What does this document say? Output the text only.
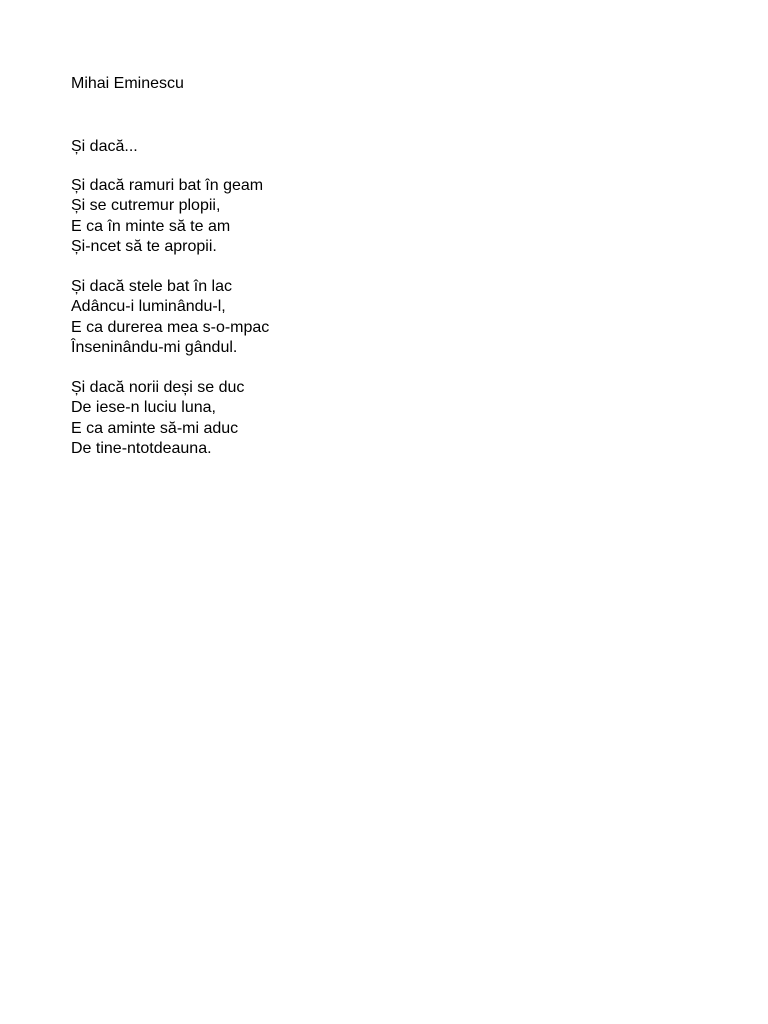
Mihai Eminescu

Și dacă...

Și dacă ramuri bat în geam
Și se cutremur plopii,
E ca în minte să te am
Și-ncet să te apropii.
Și dacă stele bat în lac
Adâncu-i luminându-l,
E ca durerea mea s-o-mpac
Înseninându-mi gândul.
Și dacă norii deși se duc
De iese-n luciu luna,
E ca aminte să-mi aduc
De tine-ntotdeauna.
